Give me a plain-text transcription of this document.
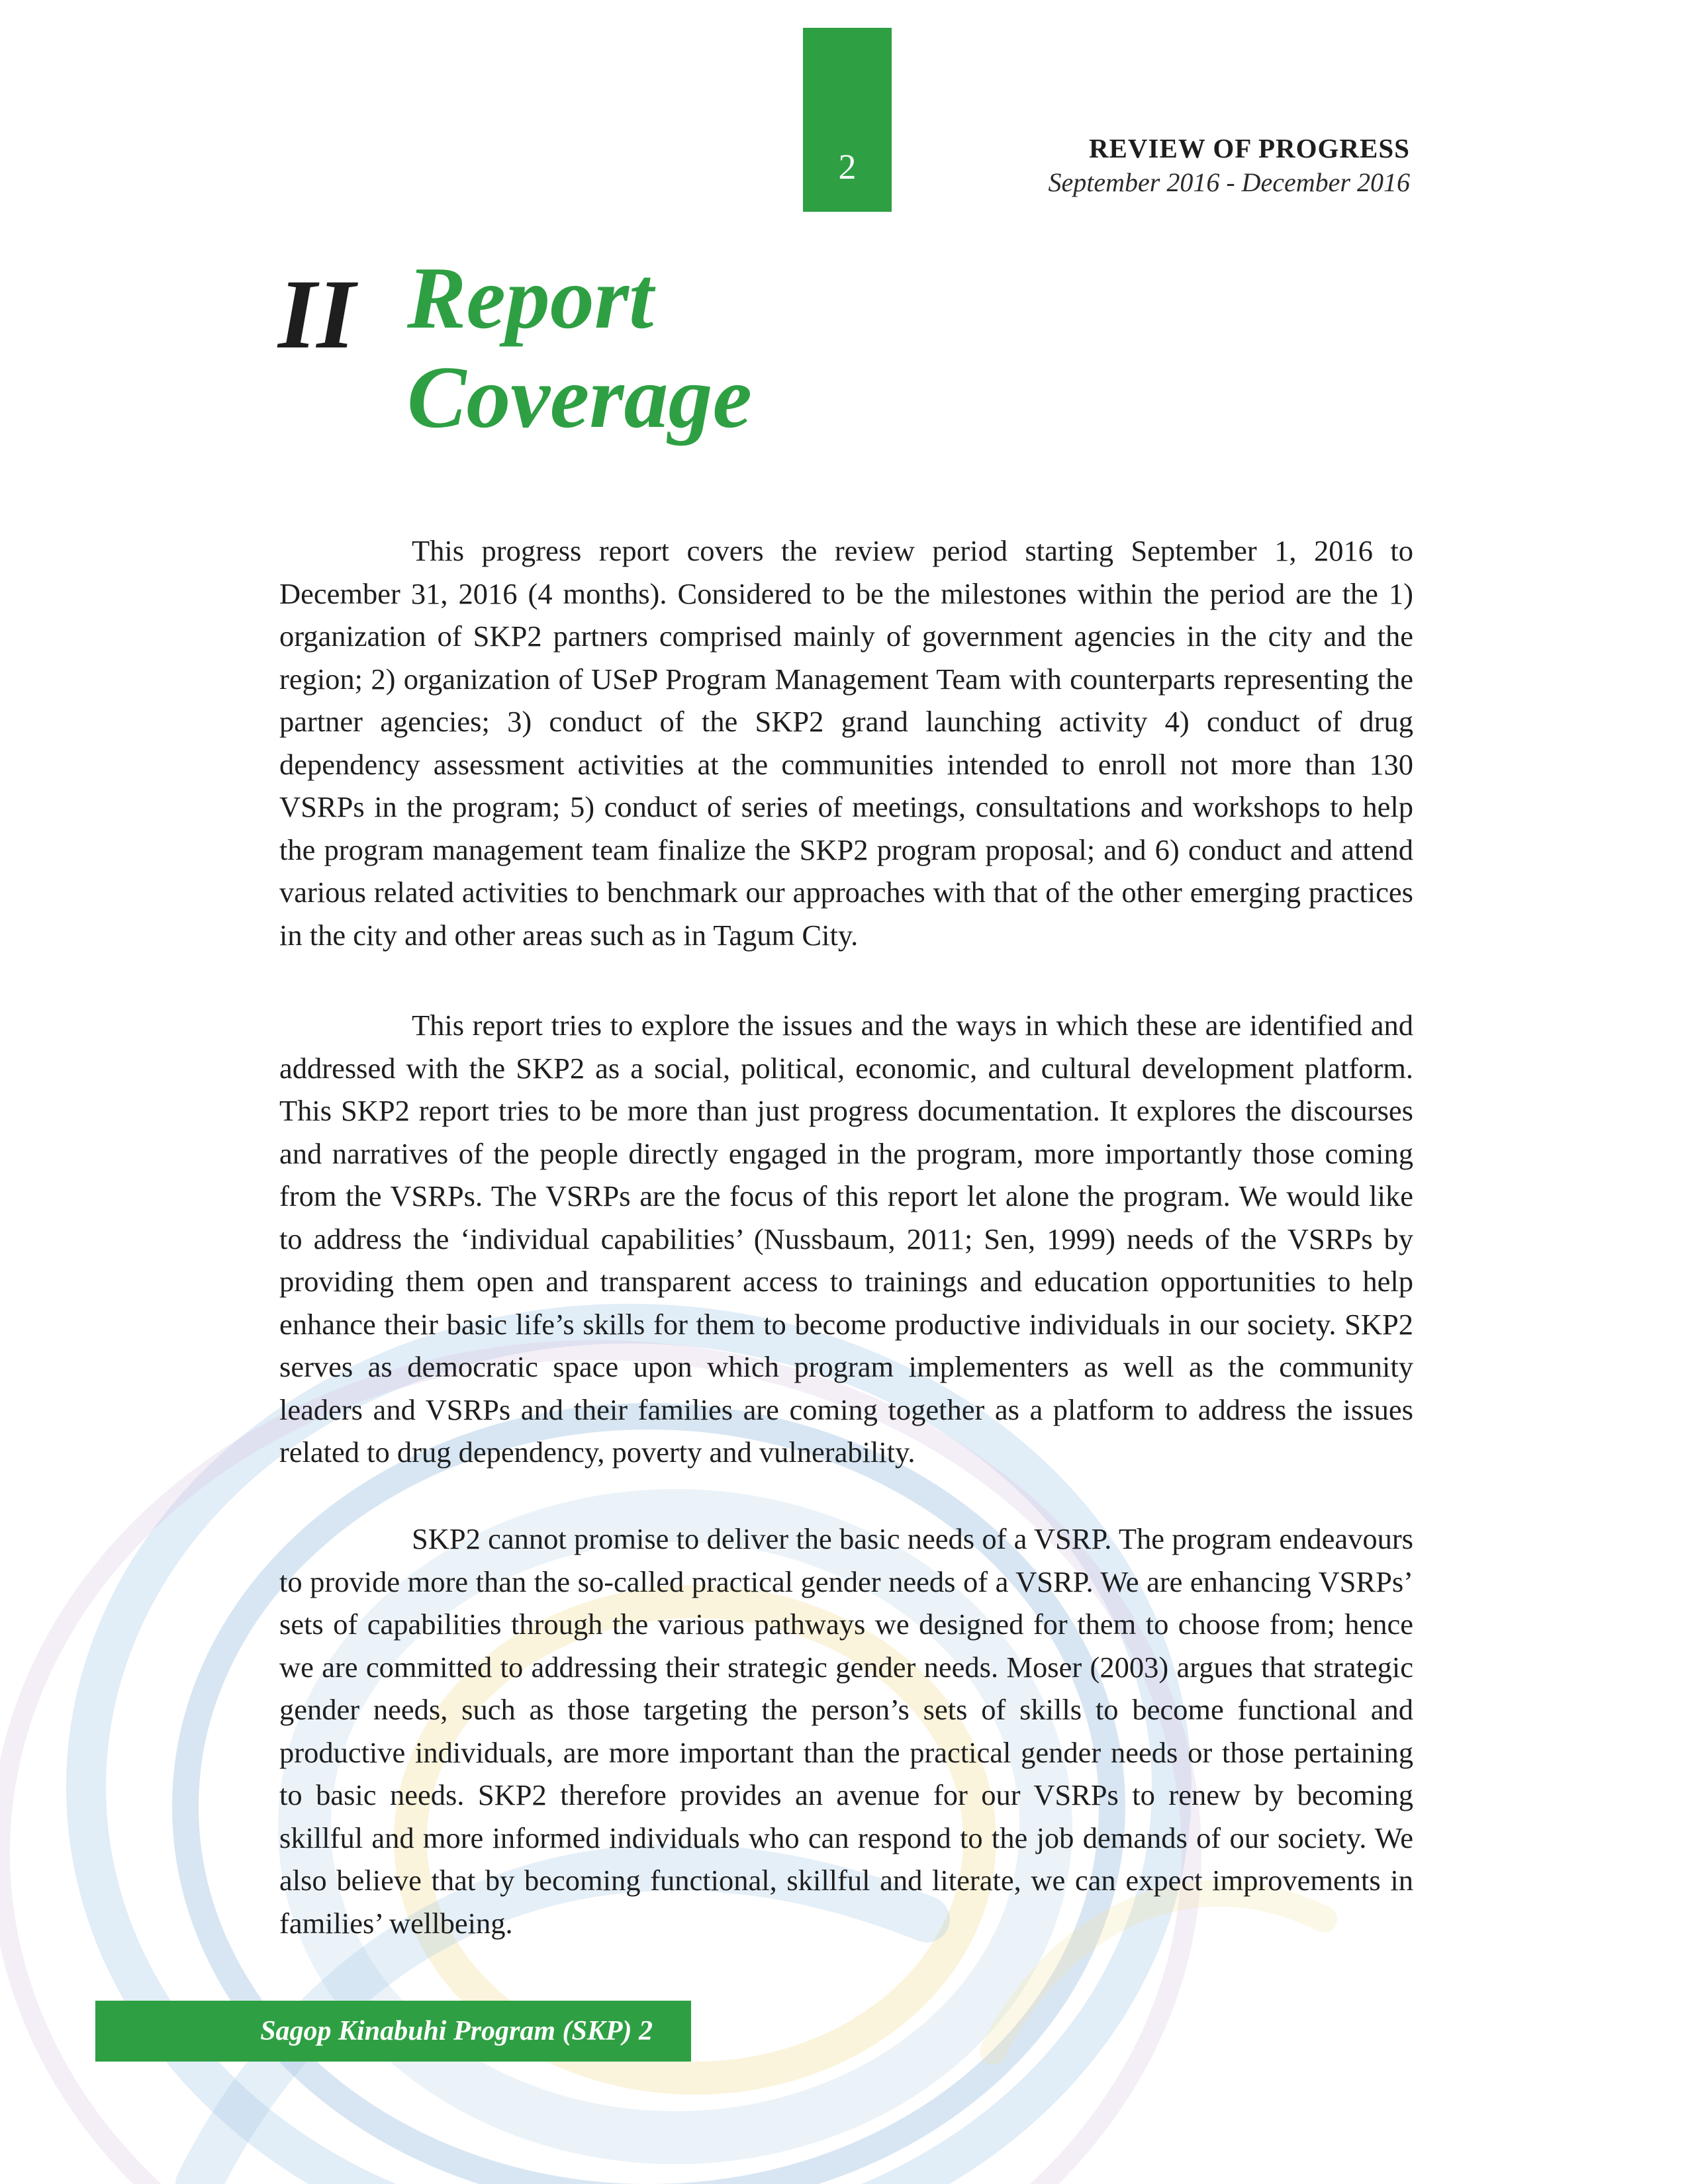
2	REVIEW OF PROGRESS
September 2016 - December 2016
II Report
Coverage

This progress report covers the review period starting September 1, 2016 to December 31, 2016 (4 months). Considered to be the milestones within the period are the 1) organization of SKP2 partners comprised mainly of government agencies in the city and the region; 2) organization of USeP Program Management Team with counterparts representing the partner agencies; 3) conduct of the SKP2 grand launching activity 4) conduct of drug dependency assessment activities at the communities intended to enroll not more than 130 VSRPs in the program; 5) conduct of series of meetings, consultations and workshops to help the program management team finalize the SKP2 program proposal; and 6) conduct and attend various related activities to benchmark our approaches with that of the other emerging practices in the city and other areas such as in Tagum City.

This report tries to explore the issues and the ways in which these are identified and addressed with the SKP2 as a social, political, economic, and cultural development platform. This SKP2 report tries to be more than just progress documentation. It explores the discourses and narratives of the people directly engaged in the program, more importantly those coming from the VSRPs. The VSRPs are the focus of this report let alone the program. We would like to address the ‘individual capabilities’ (Nussbaum, 2011; Sen, 1999) needs of the VSRPs by providing them open and transparent access to trainings and education opportunities to help enhance their basic life’s skills for them to become productive individuals in our society. SKP2 serves as democratic space upon which program implementers as well as the community leaders and VSRPs and their families are coming together as a platform to address the issues related to drug dependency, poverty and vulnerability.

SKP2 cannot promise to deliver the basic needs of a VSRP. The program endeavours to provide more than the so-called practical gender needs of a VSRP. We are enhancing VSRPs’ sets of capabilities through the various pathways we designed for them to choose from; hence we are committed to addressing their strategic gender needs. Moser (2003) argues that strategic gender needs, such as those targeting the person’s sets of skills to become functional and productive individuals, are more important than the practical gender needs or those pertaining to basic needs. SKP2 therefore provides an avenue for our VSRPs to renew by becoming skillful and more informed individuals who can respond to the job demands of our society. We also believe that by becoming functional, skillful and literate, we can expect improvements in families’ wellbeing.

Sagop Kinabuhi Program (SKP) 2
